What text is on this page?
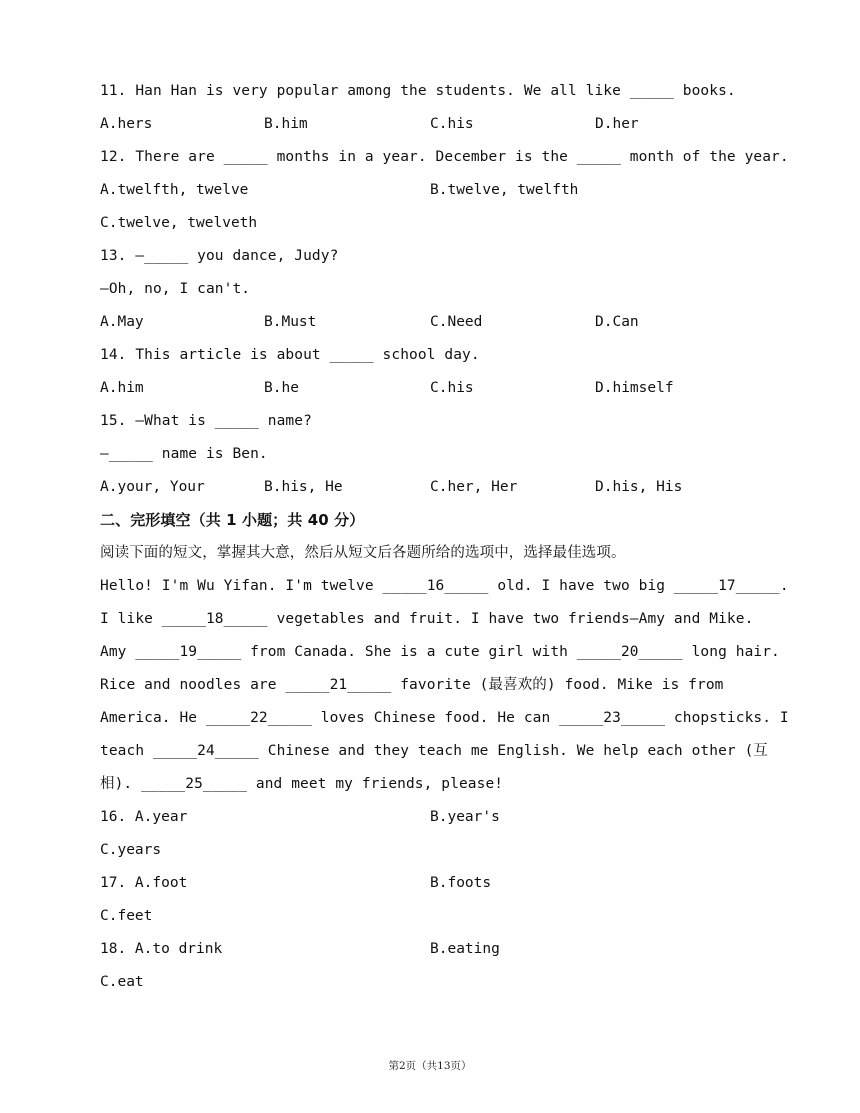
11. Han Han is very popular among the students. We all like _____ books.
A.hers	B.him	C.his	D.her
12. There are _____ months in a year. December is the _____ month of the year.
A.twelfth, twelve	B.twelve, twelfth
C.twelve, twelveth
13. —_____ you dance, Judy?
—Oh, no, I can't.
A.May	B.Must	C.Need	D.Can
14. This article is about _____ school day.
A.him	B.he	C.his	D.himself
15. —What is _____ name?
—_____ name is Ben.
A.your, Your	B.his, He	C.her, Her	D.his, His
二、完形填空（共 1 小题；共 40 分）
阅读下面的短文，掌握其大意，然后从短文后各题所给的选项中，选择最佳选项。
Hello! I'm Wu Yifan. I'm twelve _____16_____ old. I have two big _____17_____.
I like _____18_____ vegetables and fruit. I have two friends—Amy and Mike.
Amy _____19_____ from Canada. She is a cute girl with _____20_____ long hair.
Rice and noodles are _____21_____ favorite (最喜欢的) food. Mike is from
America. He _____22_____ loves Chinese food. He can _____23_____ chopsticks. I
teach _____24_____ Chinese and they teach me English. We help each other (互
相). _____25_____ and meet my friends, please!
16. A.year	B.year's
C.years
17. A.foot	B.foots
C.feet
18. A.to drink	B.eating
C.eat
第2页（共13页）
